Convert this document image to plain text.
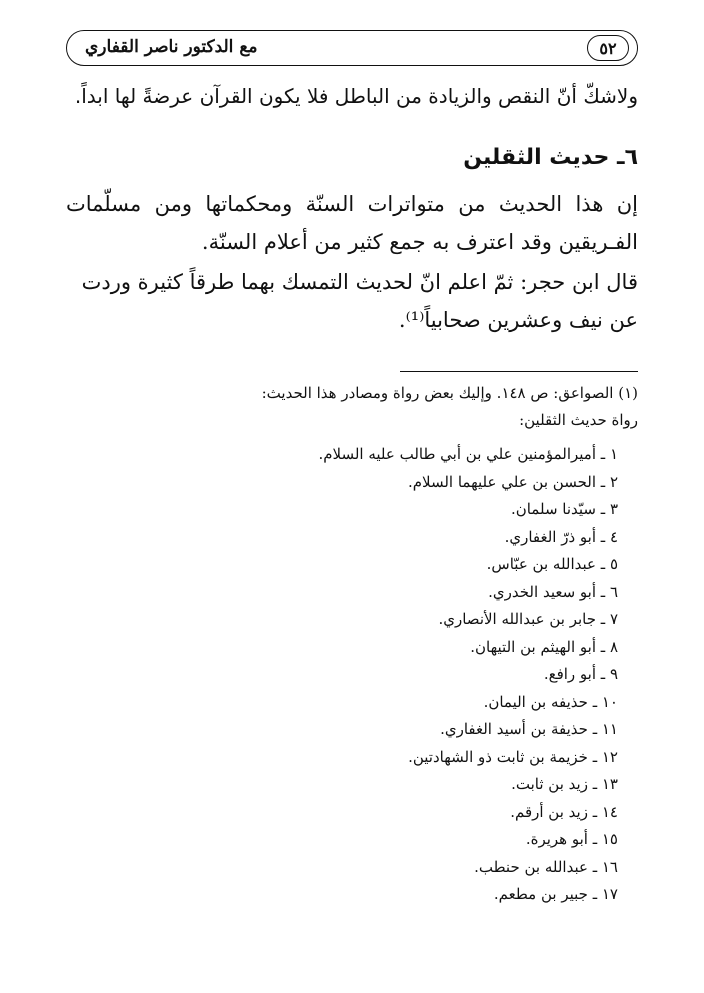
٥٢
مع الدكتور ناصر القفاري
ولاشكّ أنّ النقص والزيادة من الباطل فلا يكون القرآن عرضةً لها ابداً.
٦ـ حديث الثقلين
إن هذا الحديث من متواترات السنّة ومحكماتها ومن مسلّمات الفـريقين وقد اعترف به جمع كثير من أعلام السنّة.
قال ابن حجر: ثمّ اعلم انّ لحديث التمسك بهما طرقاً كثيرة وردت عن نيف وعشرين صحابياً⁽¹⁾.
(١) الصواعق: ص ١٤٨. وإليك بعض رواة ومصادر هذا الحديث:
رواة حديث الثقلين:
١ ـ أميرالمؤمنين علي بن أبي طالب عليه السلام.
٢ ـ الحسن بن علي عليهما السلام.
٣ ـ سيّدنا سلمان.
٤ ـ أبو ذرّ الغفاري.
٥ ـ عبدالله بن عبّاس.
٦ ـ أبو سعيد الخدري.
٧ ـ جابر بن عبدالله الأنصاري.
٨ ـ أبو الهيثم بن التيهان.
٩ ـ أبو رافع.
١٠ ـ حذيفه بن اليمان.
١١ ـ حذيفة بن أسيد الغفاري.
١٢ ـ خزيمة بن ثابت ذو الشهادتين.
١٣ ـ زيد بن ثابت.
١٤ ـ زيد بن أرقم.
١٥ ـ أبو هريرة.
١٦ ـ عبدالله بن حنطب.
١٧ ـ جبير بن مطعم.
